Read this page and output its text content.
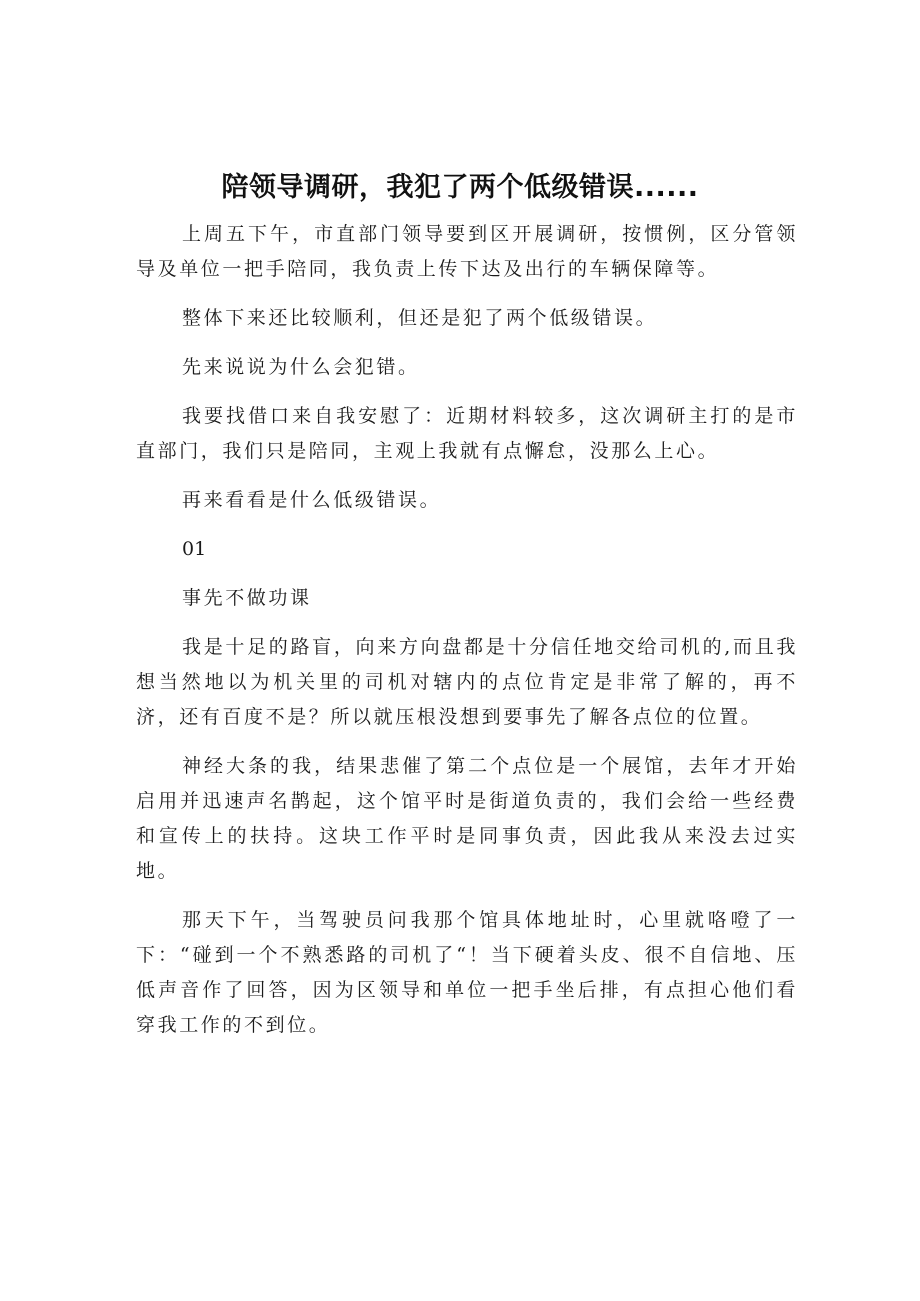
陪领导调研，我犯了两个低级错误......

上周五下午，市直部门领导要到区开展调研，按惯例，区分管领导及单位一把手陪同，我负责上传下达及出行的车辆保障等。

整体下来还比较顺利，但还是犯了两个低级错误。

先来说说为什么会犯错。

我要找借口来自我安慰了：近期材料较多，这次调研主打的是市直部门，我们只是陪同，主观上我就有点懈怠，没那么上心。

再来看看是什么低级错误。

01

事先不做功课

我是十足的路盲，向来方向盘都是十分信任地交给司机的,而且我想当然地以为机关里的司机对辖内的点位肯定是非常了解的，再不济，还有百度不是？所以就压根没想到要事先了解各点位的位置。

神经大条的我，结果悲催了第二个点位是一个展馆，去年才开始启用并迅速声名鹊起，这个馆平时是街道负责的，我们会给一些经费和宣传上的扶持。这块工作平时是同事负责，因此我从来没去过实地。

那天下午，当驾驶员问我那个馆具体地址时，心里就咯噔了一下：“碰到一个不熟悉路的司机了“！当下硬着头皮、很不自信地、压低声音作了回答，因为区领导和单位一把手坐后排，有点担心他们看穿我工作的不到位。
